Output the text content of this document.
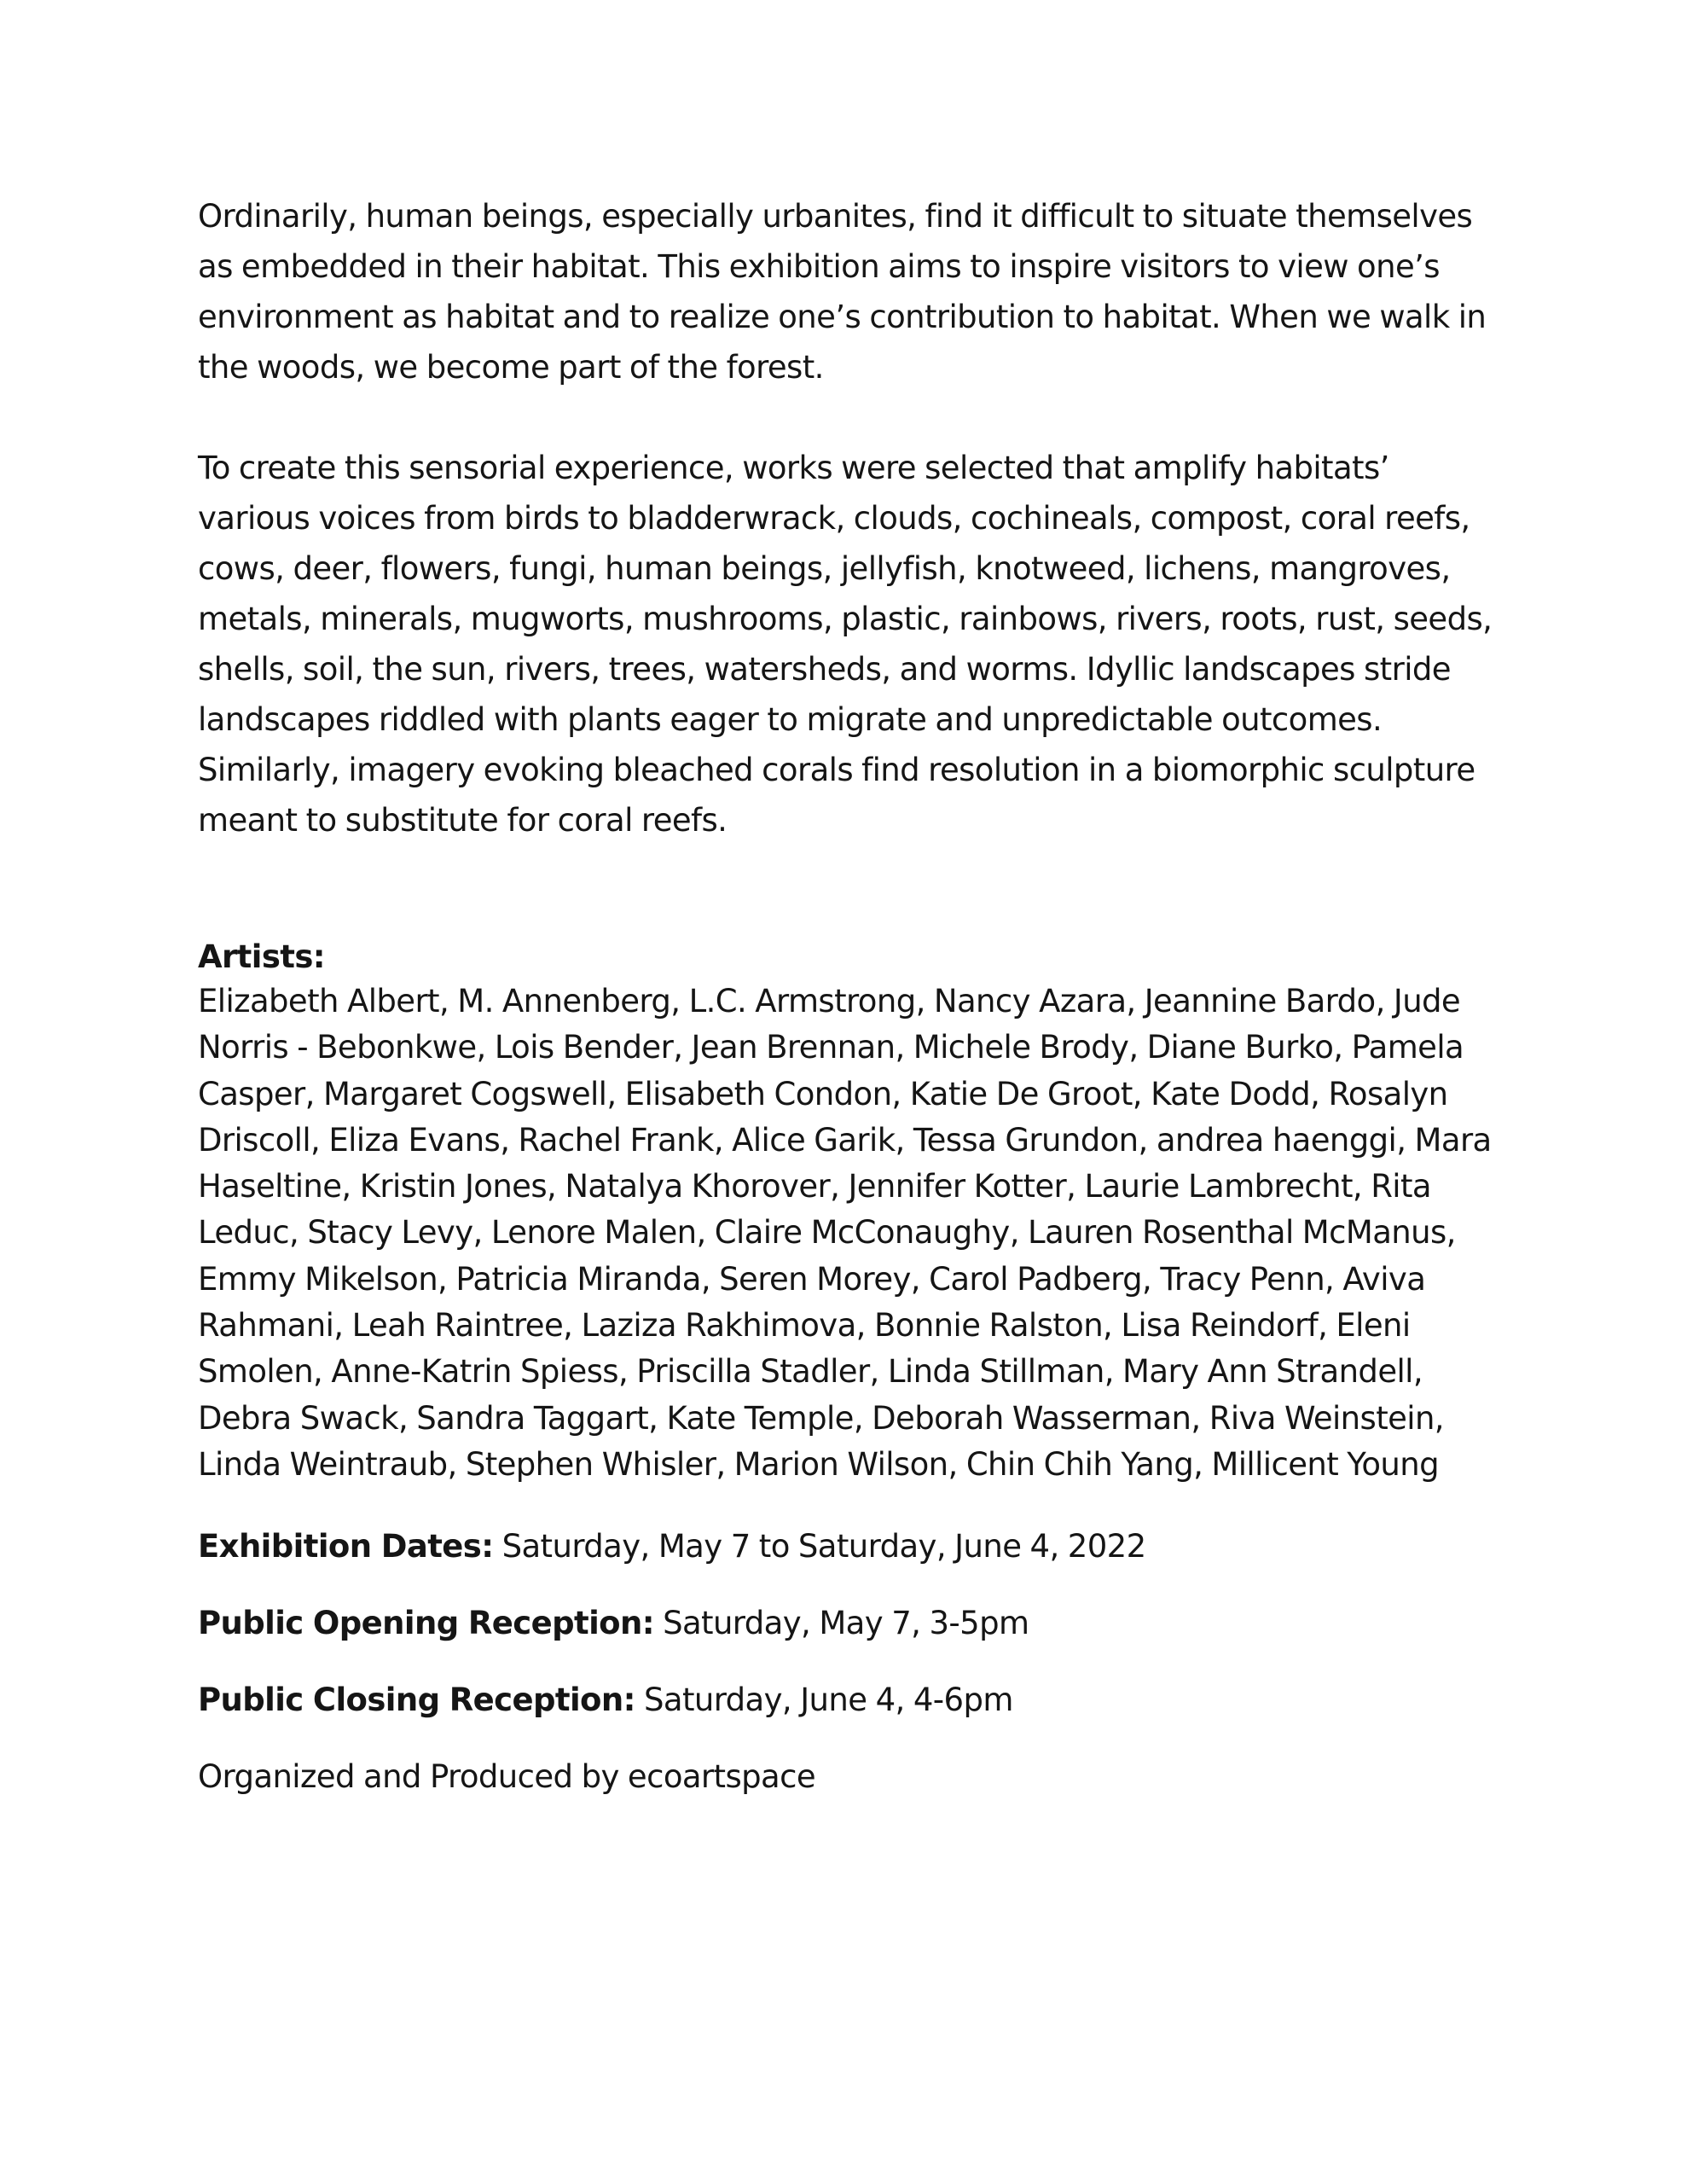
Ordinarily, human beings, especially urbanites, find it difficult to situate themselves as embedded in their habitat. This exhibition aims to inspire visitors to view one’s environment as habitat and to realize one’s contribution to habitat. When we walk in the woods, we become part of the forest.

To create this sensorial experience, works were selected that amplify habitats’ various voices from birds to bladderwrack, clouds, cochineals, compost, coral reefs, cows, deer, flowers, fungi, human beings, jellyfish, knotweed, lichens, mangroves, metals, minerals, mugworts, mushrooms, plastic, rainbows, rivers, roots, rust, seeds, shells, soil, the sun, rivers, trees, watersheds, and worms. Idyllic landscapes stride landscapes riddled with plants eager to migrate and unpredictable outcomes. Similarly, imagery evoking bleached corals find resolution in a biomorphic sculpture meant to substitute for coral reefs.

Artists:

Elizabeth Albert, M. Annenberg, L.C. Armstrong, Nancy Azara, Jeannine Bardo, Jude Norris - Bebonkwe, Lois Bender, Jean Brennan, Michele Brody, Diane Burko, Pamela Casper, Margaret Cogswell, Elisabeth Condon, Katie De Groot, Kate Dodd, Rosalyn Driscoll, Eliza Evans, Rachel Frank, Alice Garik, Tessa Grundon, andrea haenggi, Mara Haseltine, Kristin Jones, Natalya Khorover, Jennifer Kotter, Laurie Lambrecht, Rita Leduc, Stacy Levy, Lenore Malen, Claire McConaughy, Lauren Rosenthal McManus, Emmy Mikelson, Patricia Miranda, Seren Morey, Carol Padberg, Tracy Penn, Aviva Rahmani, Leah Raintree, Laziza Rakhimova, Bonnie Ralston, Lisa Reindorf, Eleni Smolen, Anne-Katrin Spiess, Priscilla Stadler, Linda Stillman, Mary Ann Strandell, Debra Swack, Sandra Taggart, Kate Temple, Deborah Wasserman, Riva Weinstein, Linda Weintraub, Stephen Whisler, Marion Wilson, Chin Chih Yang, Millicent Young

Exhibition Dates: Saturday, May 7 to Saturday, June 4, 2022

Public Opening Reception: Saturday, May 7, 3-5pm

Public Closing Reception: Saturday, June 4, 4-6pm

Organized and Produced by ecoartspace
